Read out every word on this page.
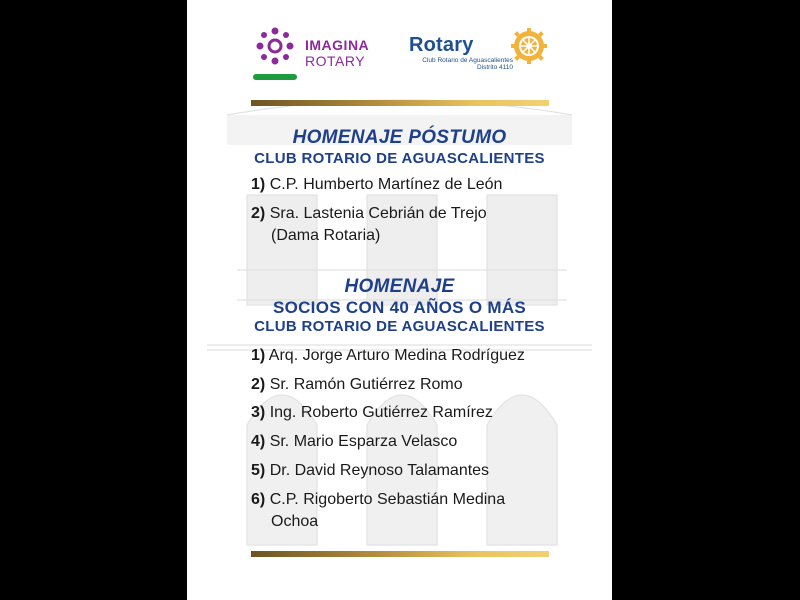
IMAGINA
ROTARY
Rotary
Club Rotario de Aguascalientes
Distrito 4110
HOMENAJE PÓSTUMO
CLUB ROTARIO DE AGUASCALIENTES
1) C.P. Humberto Martínez de León
2) Sra. Lastenia Cebrián de Trejo
(Dama Rotaria)
HOMENAJE
SOCIOS CON 40 AÑOS O MÁS
CLUB ROTARIO DE AGUASCALIENTES
1) Arq. Jorge Arturo Medina Rodríguez
2) Sr. Ramón Gutiérrez Romo
3) Ing. Roberto Gutiérrez Ramírez
4) Sr. Mario Esparza Velasco
5) Dr. David Reynoso Talamantes
6) C.P. Rigoberto Sebastián Medina
Ochoa
